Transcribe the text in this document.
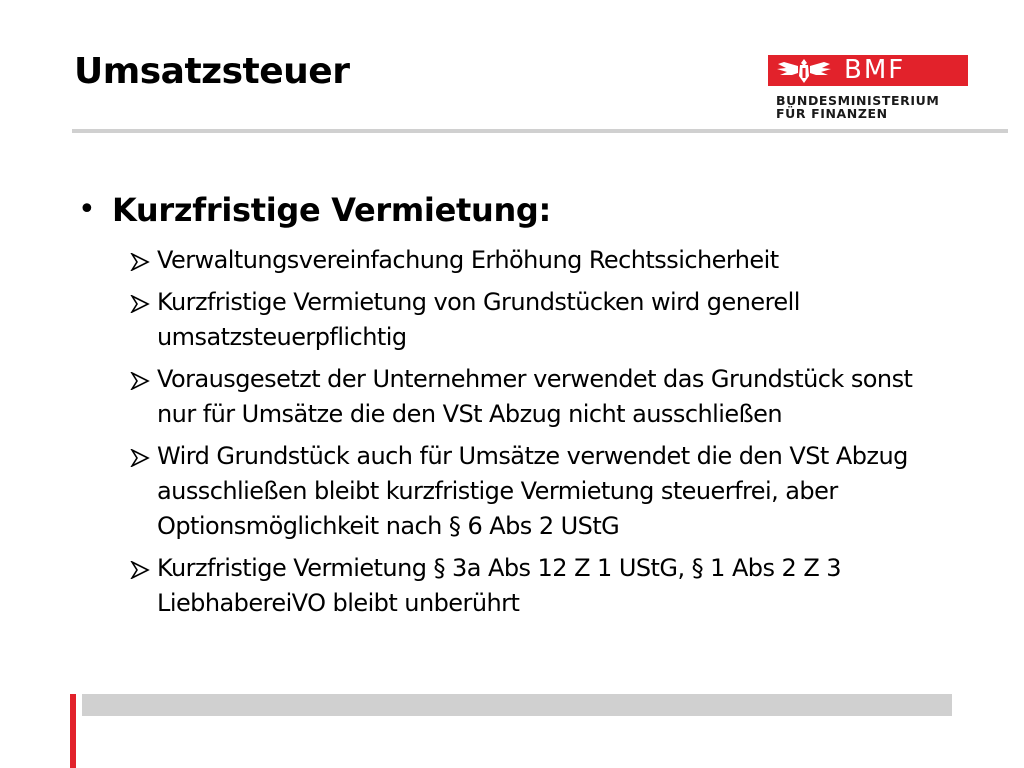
Umsatzsteuer	BMF
BUNDESMINISTERIUM
FÜR FINANZEN
• Kurzfristige Vermietung:
Verwaltungsvereinfachung Erhöhung Rechtssicherheit
Kurzfristige Vermietung von Grundstücken wird generell umsatzsteuerpflichtig
Vorausgesetzt der Unternehmer verwendet das Grundstück sonst nur für Umsätze die den VSt Abzug nicht ausschließen
Wird Grundstück auch für Umsätze verwendet die den VSt Abzug ausschließen bleibt kurzfristige Vermietung steuerfrei, aber Optionsmöglichkeit nach § 6 Abs 2 UStG
Kurzfristige Vermietung § 3a Abs 12 Z 1 UStG, § 1 Abs 2 Z 3 LiebhabereiVO bleibt unberührt
